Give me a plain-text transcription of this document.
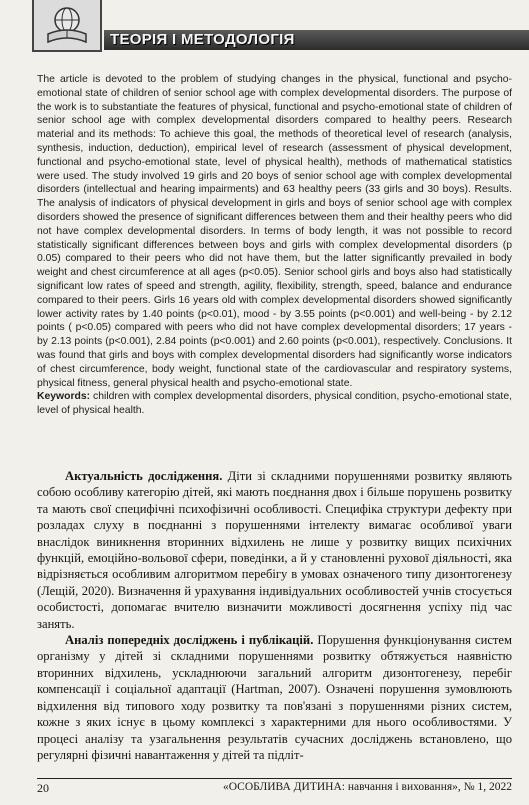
ТЕОРІЯ І МЕТОДОЛОГІЯ

The article is devoted to the problem of studying changes in the physical, functional and psycho-emotional state of children of senior school age with complex developmental disorders. The purpose of the work is to substantiate the features of physical, functional and psycho-emotional state of children of senior school age with complex developmental disorders compared to healthy peers. Research material and its methods: To achieve this goal, the methods of theoretical level of research (analysis, synthesis, induction, deduction), empirical level of research (assessment of physical development, functional and psycho-emotional state, level of physical health), methods of mathematical statistics were used. The study involved 19 girls and 20 boys of senior school age with complex developmental disorders (intellectual and hearing impairments) and 63 healthy peers (33 girls and 30 boys). Results. The analysis of indicators of physical development in girls and boys of senior school age with complex disorders showed the presence of significant differences between them and their healthy peers who did not have complex developmental disorders. In terms of body length, it was not possible to record statistically significant differences between boys and girls with complex developmental disorders (p 0.05) compared to their peers who did not have them, but the latter significantly prevailed in body weight and chest circumference at all ages (p<0.05). Senior school girls and boys also had statistically significant low rates of speed and strength, agility, flexibility, strength, speed, balance and endurance compared to their peers. Girls 16 years old with complex developmental disorders showed significantly lower activity rates by 1.40 points (p<0.01), mood - by 3.55 points (p<0.001) and well-being - by 2.12 points ( p<0.05) compared with peers who did not have complex developmental disorders; 17 years - by 2.13 points (p<0.001), 2.84 points (p<0.001) and 2.60 points (p<0.001), respectively. Conclusions. It was found that girls and boys with complex developmental disorders had significantly worse indicators of chest circumference, body weight, functional state of the cardiovascular and respiratory systems, physical fitness, general physical health and psycho-emotional state.

Keywords: children with complex developmental disorders, physical condition, psycho-emotional state, level of physical health.

Актуальність дослідження. Діти зі складними порушеннями розвитку являють собою особливу категорію дітей, які мають поєднання двох і більше порушень розвитку та мають свої специфічні психофізичні особливості. Специфіка структури дефекту при розладах слуху в поєднанні з порушеннями інтелекту вимагає особливої уваги внаслідок виникнення вторинних відхилень не лише у розвитку вищих психічних функцій, емоційно-вольової сфери, поведінки, а й у становленні рухової діяльності, яка відрізняється особливим алгоритмом перебігу в умовах означеного типу дизонтогенезу (Лещій, 2020). Визначення й урахування індивідуальних особливостей учнів стосується особистості, допомагає вчителю визначити можливості досягнення успіху під час занять.

Аналіз попередніх досліджень і публікацій. Порушення функціонування систем організму у дітей зі складними порушеннями розвитку обтяжується наявністю вторинних відхилень, ускладнюючи загальний алгоритм дизонтогенезу, перебіг компенсації і соціальної адаптації (Hartman, 2007). Означені порушення зумовлюють відхилення від типового ходу розвитку та пов'язані з порушеннями різних систем, кожне з яких існує в цьому комплексі з характерними для нього особливостями. У процесі аналізу та узагальнення результатів сучасних досліджень встановлено, що регулярні фізичні навантаження у дітей та підліт-

20	«ОСОБЛИВА ДИТИНА: навчання і виховання», № 1, 2022
